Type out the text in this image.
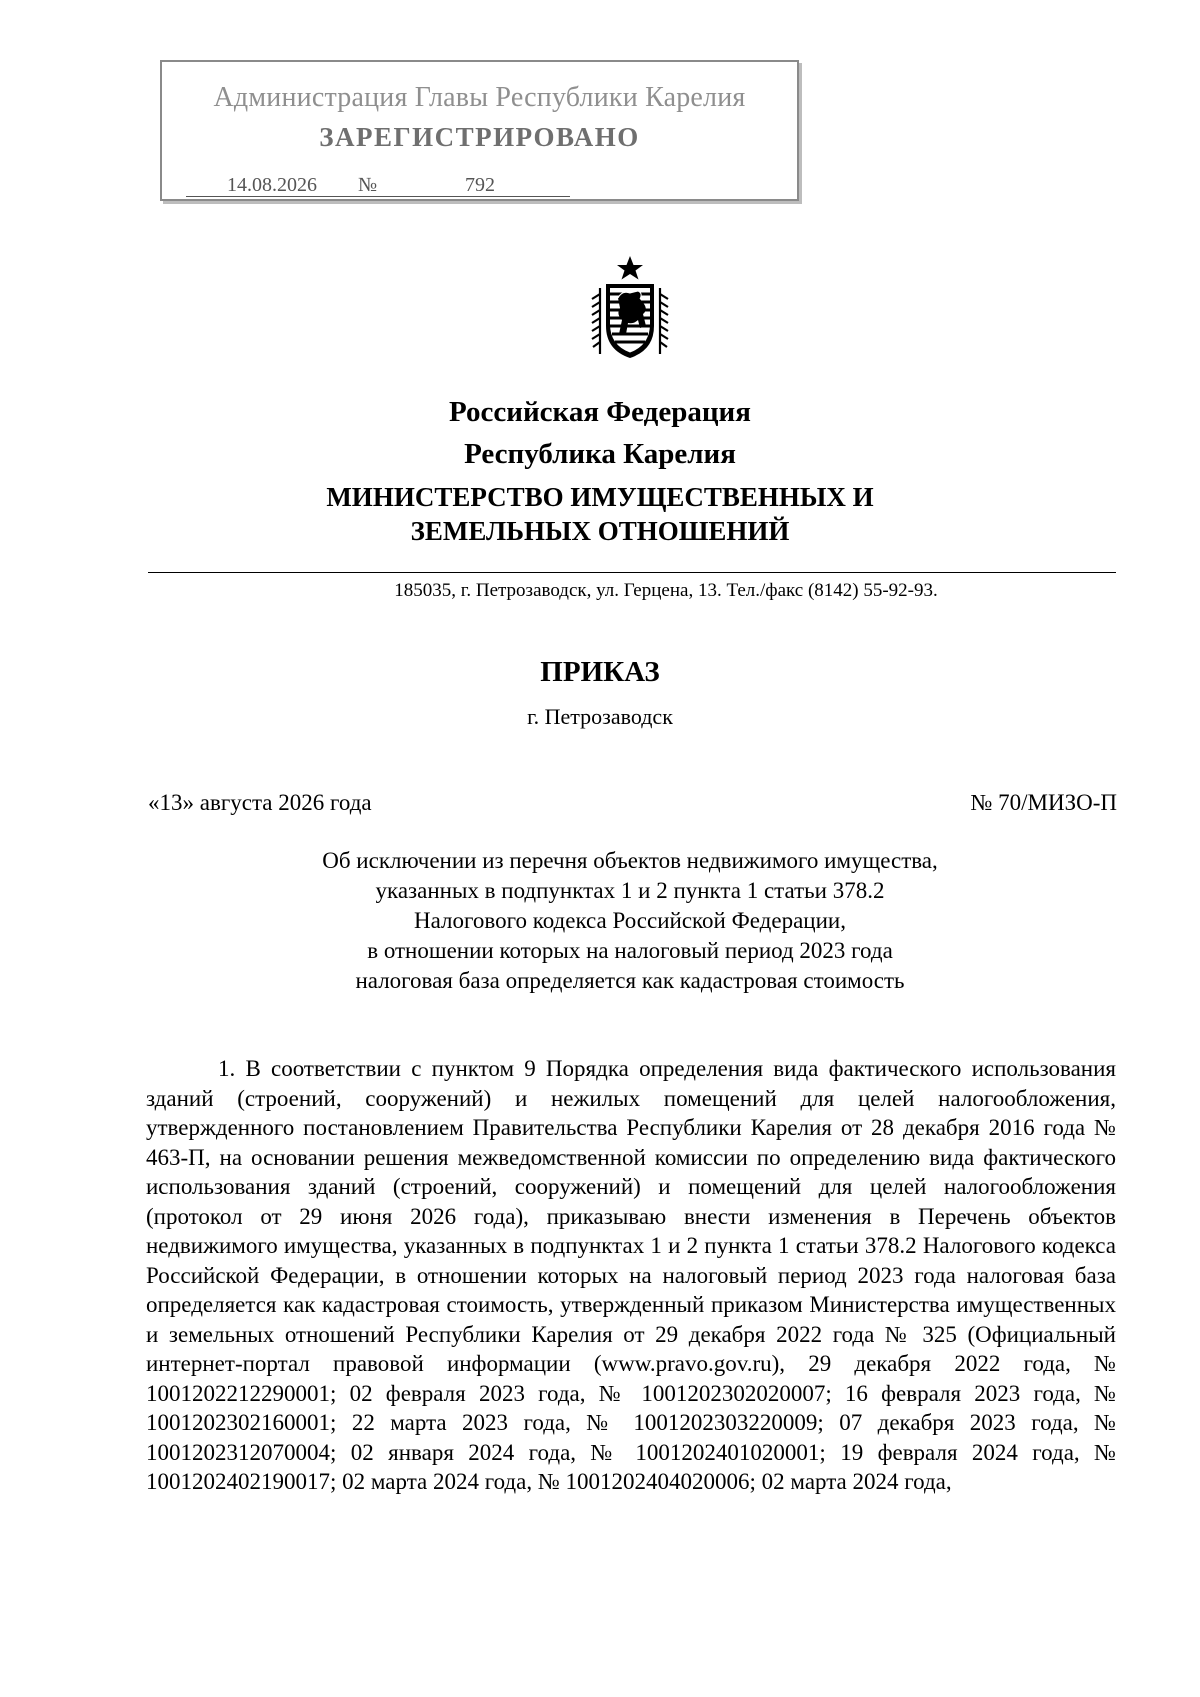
Администрация Главы Республики Карелия
ЗАРЕГИСТРИРОВАНО
14.08.2026	№	792
Российская Федерация
Республика Карелия
МИНИСТЕРСТВО ИМУЩЕСТВЕННЫХ И ЗЕМЕЛЬНЫХ ОТНОШЕНИЙ
185035, г. Петрозаводск, ул. Герцена, 13. Тел./факс (8142) 55-92-93.
ПРИКАЗ
г. Петрозаводск
«13» августа 2026 года	№ 70/МИЗО-П
Об исключении из перечня объектов недвижимого имущества,
указанных в подпунктах 1 и 2 пункта 1 статьи 378.2
Налогового кодекса Российской Федерации,
в отношении которых на налоговый период 2023 года
налоговая база определяется как кадастровая стоимость
1. В соответствии с пунктом 9 Порядка определения вида фактического использования зданий (строений, сооружений) и нежилых помещений для целей налогообложения, утвержденного постановлением Правительства Республики Карелия от 28 декабря 2016 года № 463-П, на основании решения межведомственной комиссии по определению вида фактического использования зданий (строений, сооружений) и помещений для целей налогообложения (протокол от 29 июня 2026 года), приказываю внести изменения в Перечень объектов недвижимого имущества, указанных в подпунктах 1 и 2 пункта 1 статьи 378.2 Налогового кодекса Российской Федерации, в отношении которых на налоговый период 2023 года налоговая база определяется как кадастровая стоимость, утвержденный приказом Министерства имущественных и земельных отношений Республики Карелия от 29 декабря 2022 года № 325 (Официальный интернет-портал правовой информации (www.pravo.gov.ru), 29 декабря 2022 года, № 1001202212290001; 02 февраля 2023 года, № 1001202302020007; 16 февраля 2023 года, № 1001202302160001; 22 марта 2023 года, № 1001202303220009; 07 декабря 2023 года, № 1001202312070004; 02 января 2024 года, № 1001202401020001; 19 февраля 2024 года, № 1001202402190017; 02 марта 2024 года, № 1001202404020006; 02 марта 2024 года,
